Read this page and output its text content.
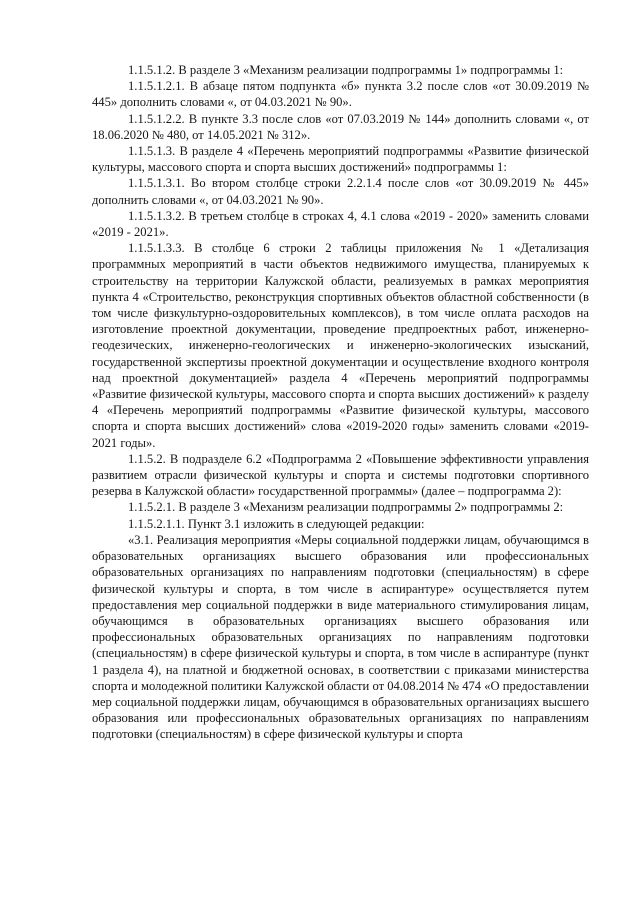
1.1.5.1.2. В разделе 3 «Механизм реализации подпрограммы 1» подпрограммы 1:

1.1.5.1.2.1. В абзаце пятом подпункта «б» пункта 3.2 после слов «от 30.09.2019 № 445» дополнить словами «, от 04.03.2021 № 90».

1.1.5.1.2.2. В пункте 3.3 после слов «от 07.03.2019 № 144» дополнить словами «, от 18.06.2020 № 480, от 14.05.2021 № 312».

1.1.5.1.3. В разделе 4 «Перечень мероприятий подпрограммы «Развитие физической культуры, массового спорта и спорта высших достижений» подпрограммы 1:

1.1.5.1.3.1. Во втором столбце строки 2.2.1.4 после слов «от 30.09.2019 № 445» дополнить словами «, от 04.03.2021 № 90».

1.1.5.1.3.2. В третьем столбце в строках 4, 4.1 слова «2019 - 2020» заменить словами «2019 - 2021».

1.1.5.1.3.3. В столбце 6 строки 2 таблицы приложения № 1 «Детализация программных мероприятий в части объектов недвижимого имущества, планируемых к строительству на территории Калужской области, реализуемых в рамках мероприятия пункта 4 «Строительство, реконструкция спортивных объектов областной собственности (в том числе физкультурно-оздоровительных комплексов), в том числе оплата расходов на изготовление проектной документации, проведение предпроектных работ, инженерно-геодезических, инженерно-геологических и инженерно-экологических изысканий, государственной экспертизы проектной документации и осуществление входного контроля над проектной документацией» раздела 4 «Перечень мероприятий подпрограммы «Развитие физической культуры, массового спорта и спорта высших достижений» к разделу 4 «Перечень мероприятий подпрограммы «Развитие физической культуры, массового спорта и спорта высших достижений» слова «2019-2020 годы» заменить словами «2019-2021 годы».

1.1.5.2. В подразделе 6.2 «Подпрограмма 2 «Повышение эффективности управления развитием отрасли физической культуры и спорта и системы подготовки спортивного резерва в Калужской области» государственной программы» (далее – подпрограмма 2):

1.1.5.2.1. В разделе 3 «Механизм реализации подпрограммы 2» подпрограммы 2:

1.1.5.2.1.1. Пункт 3.1 изложить в следующей редакции:

«3.1. Реализация мероприятия «Меры социальной поддержки лицам, обучающимся в образовательных организациях высшего образования или профессиональных образовательных организациях по направлениям подготовки (специальностям) в сфере физической культуры и спорта, в том числе в аспирантуре» осуществляется путем предоставления мер социальной поддержки в виде материального стимулирования лицам, обучающимся в образовательных организациях высшего образования или профессиональных образовательных организациях по направлениям подготовки (специальностям) в сфере физической культуры и спорта, в том числе в аспирантуре (пункт 1 раздела 4), на платной и бюджетной основах, в соответствии с приказами министерства спорта и молодежной политики Калужской области от 04.08.2014 № 474 «О предоставлении мер социальной поддержки лицам, обучающимся в образовательных организациях высшего образования или профессиональных образовательных организациях по направлениям подготовки (специальностям) в сфере физической культуры и спорта
